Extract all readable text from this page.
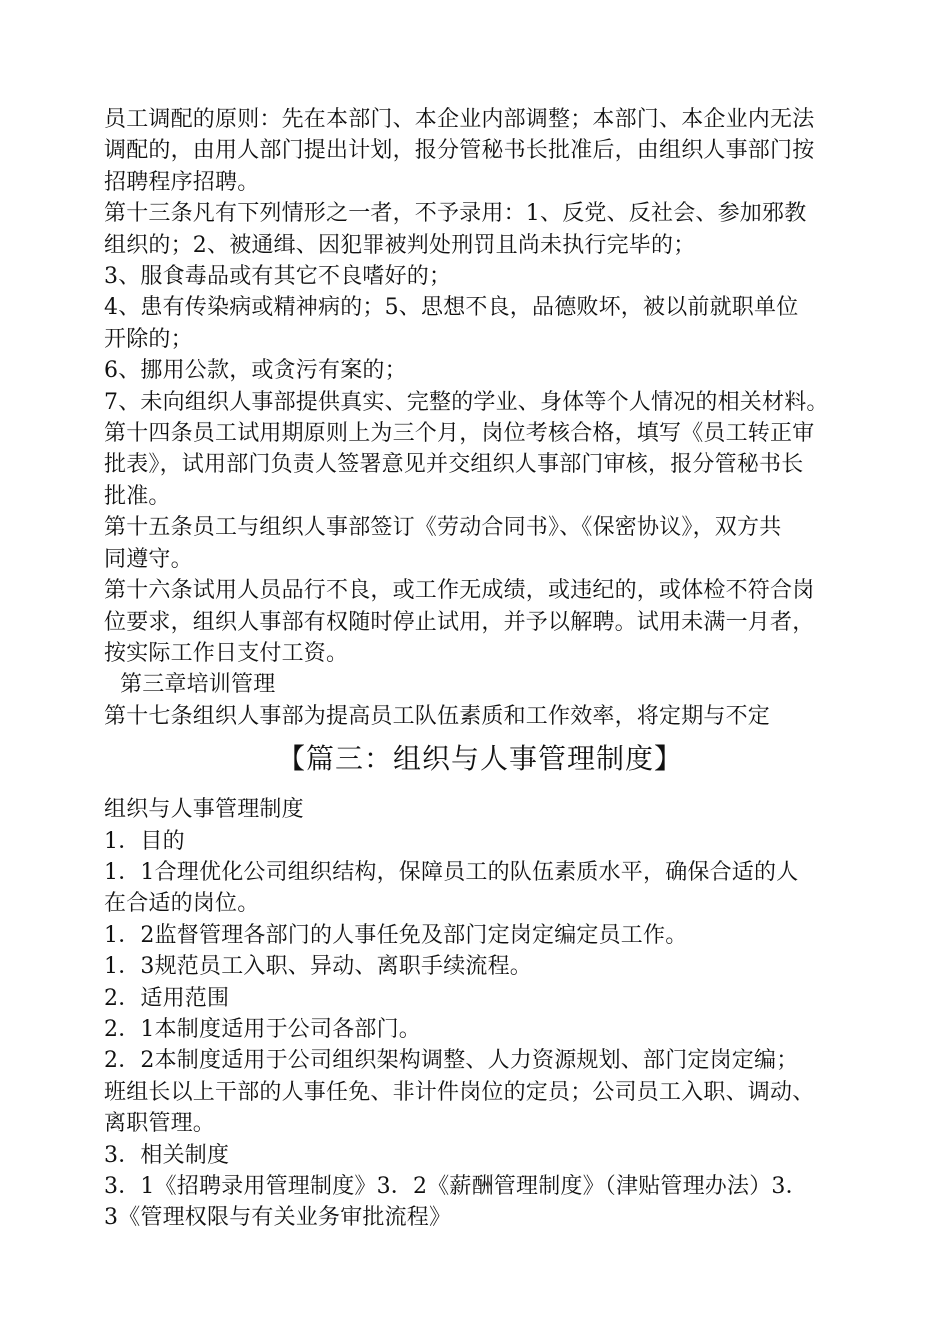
员工调配的原则：先在本部门、本企业内部调整；本部门、本企业内无法
调配的，由用人部门提出计划，报分管秘书长批准后，由组织人事部门按
招聘程序招聘。
第十三条凡有下列情形之一者，不予录用：1、反党、反社会、参加邪教
组织的；2、被通缉、因犯罪被判处刑罚且尚未执行完毕的；
3、服食毒品或有其它不良嗜好的；
4、患有传染病或精神病的；5、思想不良，品德败坏，被以前就职单位
开除的；
6、挪用公款，或贪污有案的；
7、未向组织人事部提供真实、完整的学业、身体等个人情况的相关材料。
第十四条员工试用期原则上为三个月，岗位考核合格，填写《员工转正审
批表》，试用部门负责人签署意见并交组织人事部门审核，报分管秘书长
批准。
第十五条员工与组织人事部签订《劳动合同书》、《保密协议》，双方共
同遵守。
第十六条试用人员品行不良，或工作无成绩，或违纪的，或体检不符合岗
位要求，组织人事部有权随时停止试用，并予以解聘。试用未满一月者，
按实际工作日支付工资。
第三章培训管理
第十七条组织人事部为提高员工队伍素质和工作效率，将定期与不定
【篇三：组织与人事管理制度】
组织与人事管理制度
1．目的
1．1合理优化公司组织结构，保障员工的队伍素质水平，确保合适的人
在合适的岗位。
1．2监督管理各部门的人事任免及部门定岗定编定员工作。
1．3规范员工入职、异动、离职手续流程。
2．适用范围
2．1本制度适用于公司各部门。
2．2本制度适用于公司组织架构调整、人力资源规划、部门定岗定编；
班组长以上干部的人事任免、非计件岗位的定员；公司员工入职、调动、
离职管理。
3．相关制度
3．1《招聘录用管理制度》3．2《薪酬管理制度》（津贴管理办法）3．
3《管理权限与有关业务审批流程》
